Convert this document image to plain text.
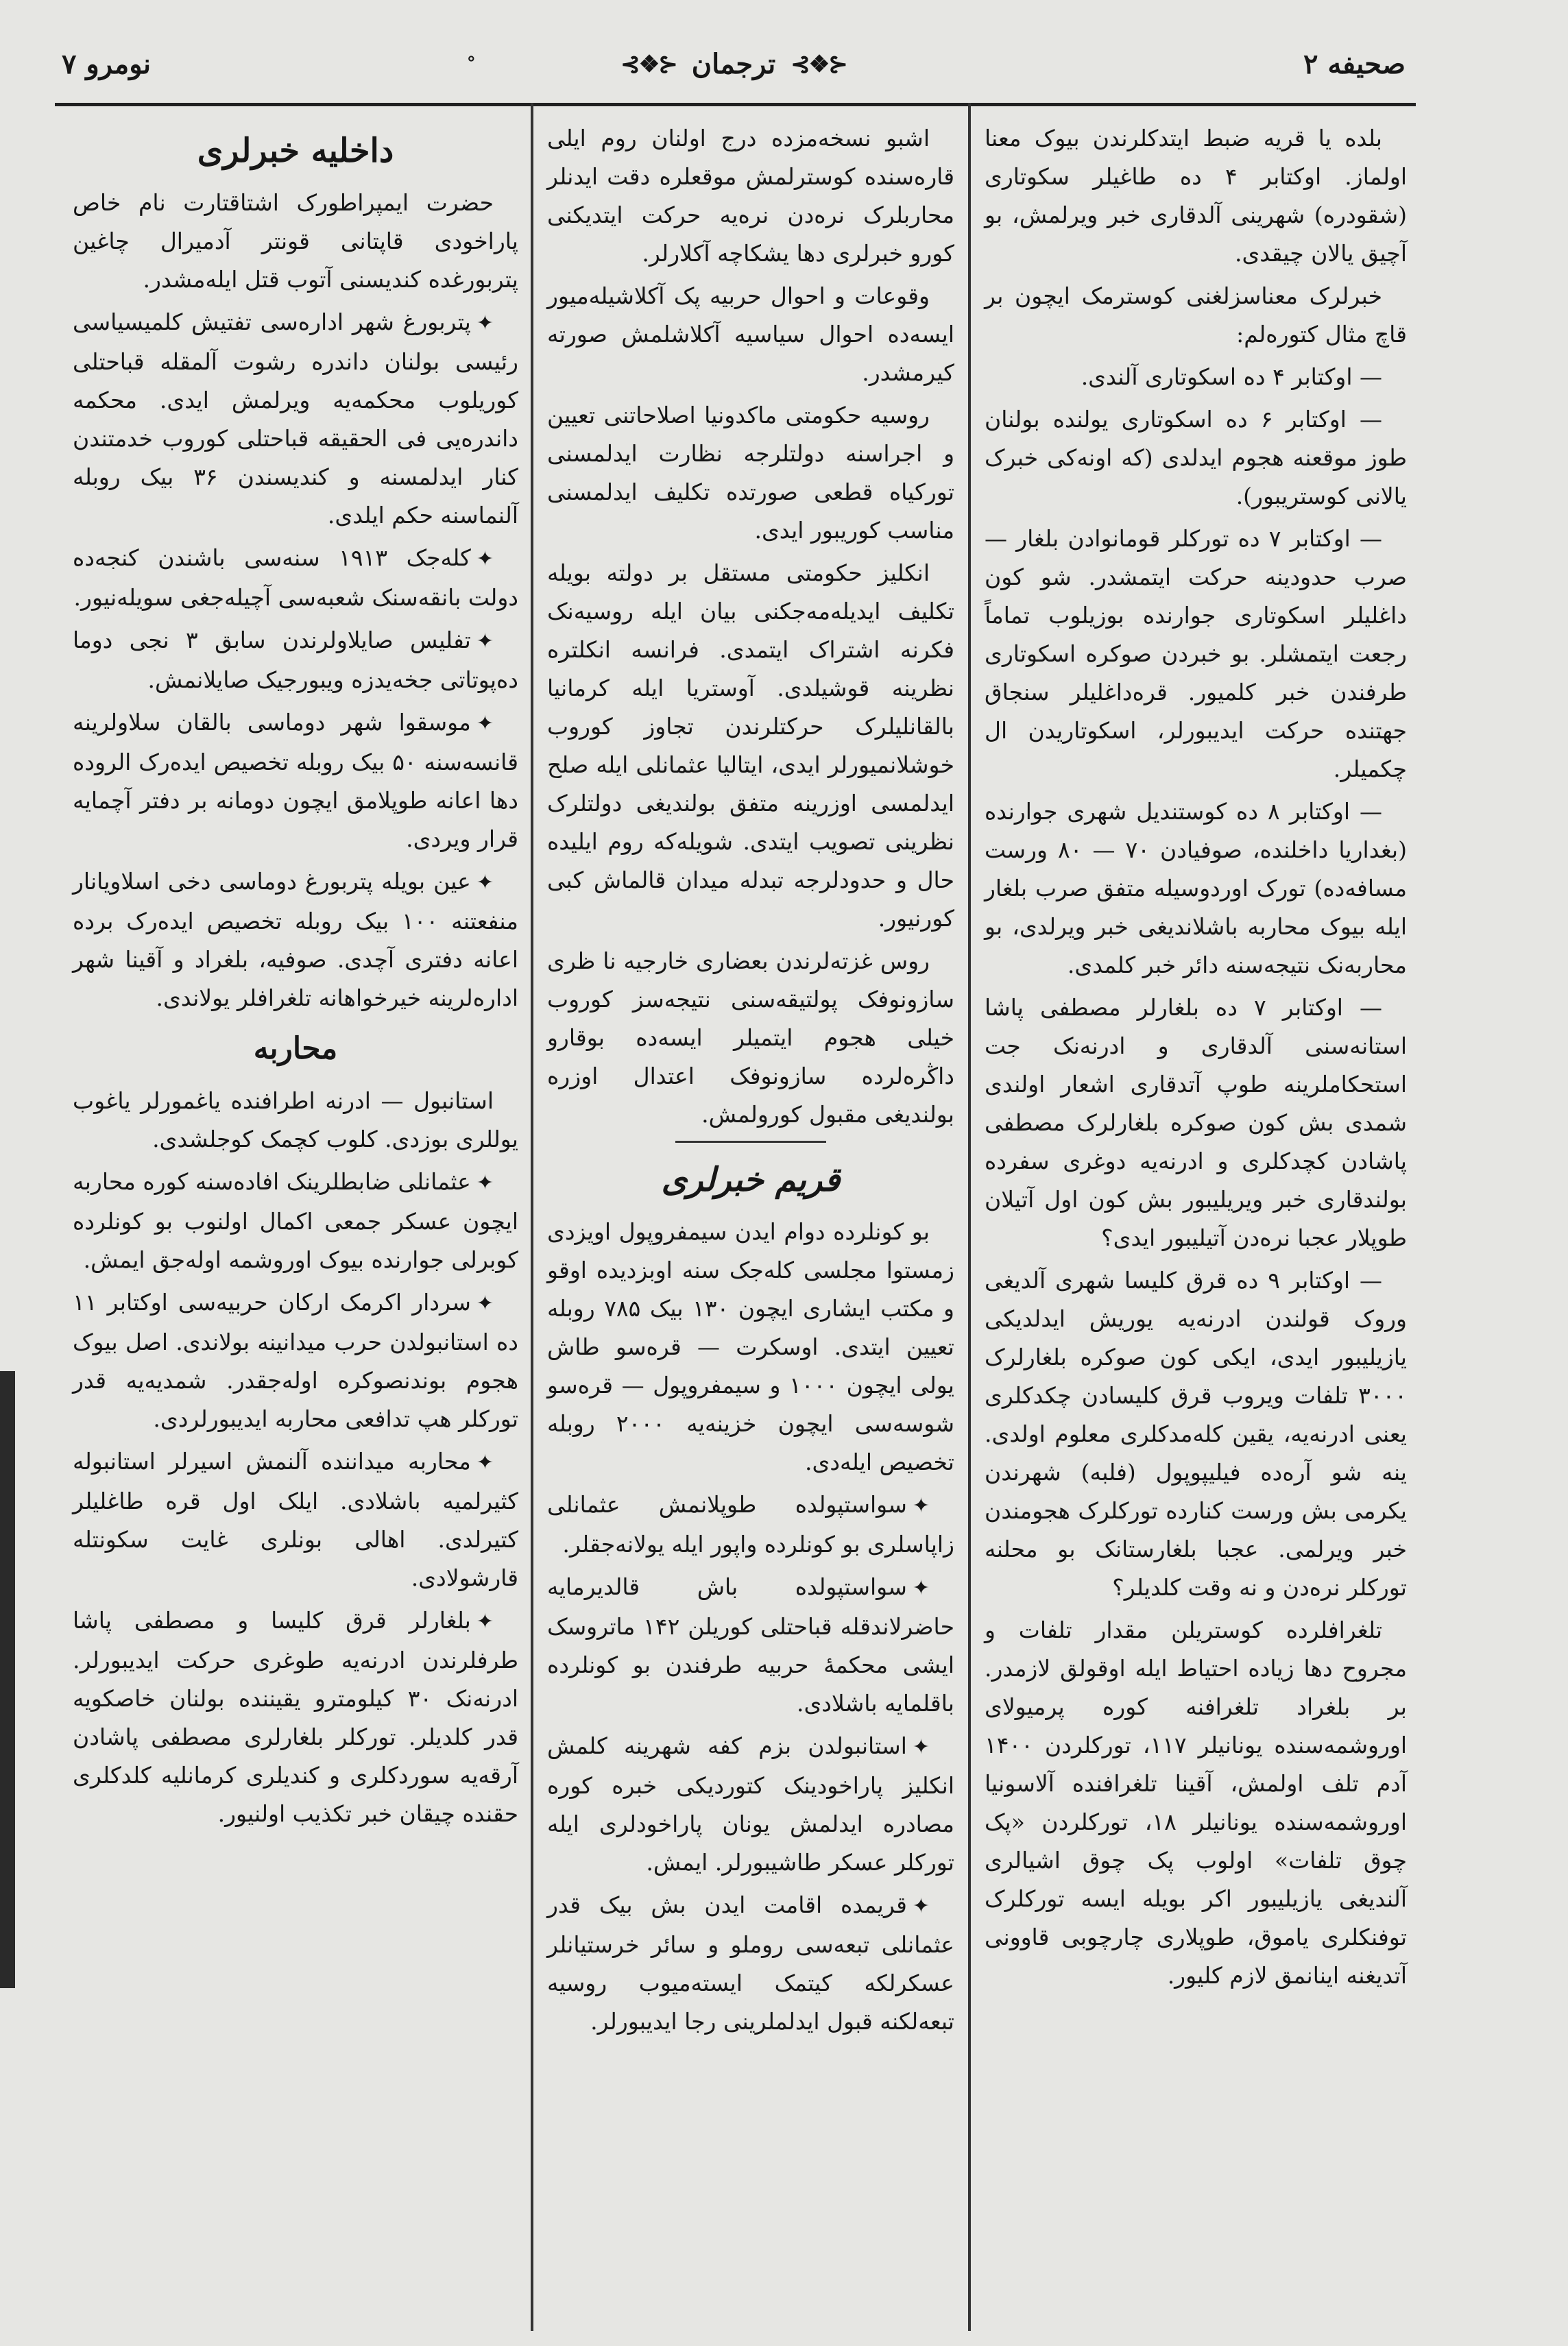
صحیفه ۲
⊰❖⊱ ترجمان ⊰❖⊱
∘
نومرو ۷

بلده یا قریه ضبط ایتدکلرندن بیوک معنا اولماز. اوکتابر ۴ ده طاغیلر سکوتاری (شقودره) شهرینی آلدقاری خبر ویرلمش، بو آچیق یالان چیقدی.

خبرلرک معناسزلغنی کوسترمک ایچون بر قاچ مثال کتورەلم:

— اوکتابر ۴ ده اسکوتاری آلندی.

— اوکتابر ۶ ده اسکوتاری یولنده بولنان طوز موقعنه هجوم ایدلدی (که اونەکی خبرک یالانی کوستریبور).

— اوکتابر ۷ ده تورکلر قومانوادن بلغار — صرب حدودینه حرکت ایتمشدر. شو کون داغلیلر اسکوتاری جوارنده بوزیلوب تماماً رجعت ایتمشلر. بو خبردن صوکره اسکوتاری طرفندن خبر کلمیور. قرەداغلیلر سنجاق جهتنده حرکت ایدیبورلر، اسکوتاریدن ال چکمیلر.

— اوکتابر ۸ ده کوستندیل شهری جوارنده (بغداریا داخلنده، صوفیادن ۷۰ — ۸۰ ورست مسافەده) تورک اوردوسیله متفق صرب بلغار ایله بیوک محاربه باشلاندیغی خبر ویرلدی، بو محاربەنک نتیجەسنه دائر خبر کلمدی.

— اوکتابر ۷ ده بلغارلر مصطفی پاشا استانەسنی آلدقاری و ادرنەنک جت استحکاملرینه طوپ آتدقاری اشعار اولندی شمدی بش کون صوکره بلغارلرک مصطفی پاشادن کچدکلری و ادرنەیه دوغری سفرده بولندقاری خبر ویریلیبور بش کون اول آتیلان طوپلار عجبا نرەدن آتیلیبور ایدی؟

— اوکتابر ۹ ده قرق کلیسا شهری آلدیغی وروک قولندن ادرنەیه یوریش ایدلدیکی یازیلیبور ایدی، ایکی کون صوکره بلغارلرک ۳۰۰۰ تلفات ویروب قرق کلیسادن چکدکلری یعنی ادرنەیه، یقین کلەمدکلری معلوم اولدی. ینه شو آرەده فیلیپوپول (فلبه) شهرندن یکرمی بش ورست کنارده تورکلرک هجومندن خبر ویرلمی. عجبا بلغارستانک بو محلنه تورکلر نرەدن و نه وقت کلدیلر؟

تلغرافلرده کوستریلن مقدار تلفات و مجروح دها زیاده احتیاط ایله اوقولق لازمدر. بر بلغراد تلغرافنه کوره پرمیولای اوروشمەسنده یونانیلر ۱۱۷، تورکلردن ۱۴۰۰ آدم تلف اولمش، آقینا تلغرافنده آلاسونیا اوروشمەسنده یونانیلر ۱۸، تورکلردن «پک چوق تلفات» اولوب پک چوق اشیالری آلندیغی یازیلیبور اکر بویله ایسه تورکلرک توفنکلری یاموق، طوپلاری چارچوبی قاوونی آتدیغنه اینانمق لازم کلیور.

اشبو نسخەمزده درج اولنان روم ایلی قارەسنده کوسترلمش موقعلره دقت ایدنلر محاربلرک نرەدن نرەیه حرکت ایتدیکنی کورو خبرلری دها یشکاچه آکلارلر.

وقوعات و احوال حربیه پک آکلاشیلەمیور ایسەده احوال سیاسیه آکلاشلمش صورته کیرمشدر.

روسیه حکومتی ماکدونیا اصلاحاتنی تعیین و اجراسنه دولتلرجه نظارت ایدلمسنی تورکیاه قطعی صورتده تکلیف ایدلمسنی مناسب کوریبور ایدی.

انکلیز حکومتی مستقل بر دولته بویله تکلیف ایدیلەمەجکنی بیان ایله روسیەنک فکرنه اشتراک ایتمدی. فرانسه انکلترە نظرینه قوشیلدی. آوستریا ایله کرمانیا بالقانلیلرک حرکتلرندن تجاوز کوروب خوشلانمیورلر ایدی، ایتالیا عثمانلی ایله صلح ایدلمسی اوزرینه متفق بولندیغی دولتلرک نظرینی تصویب ایتدی. شویلەکه روم ایلیده حال و حدودلرجه تبدله میدان قالماش کبی کورنیور.

روس غزتەلرندن بعضاری خارجیه نا ظری سازونوفک پولتیقەسنی نتیجەسز کوروب خیلی هجوم ایتمیلر ایسەده بوقارو داڭرەلرده سازونوفک اعتدال اوزره بولندیغی مقبول کورولمش.

قریم خبرلری

بو کونلرده دوام ایدن سیمفروپول اویزدی زمستوا مجلسی کلەجک سنه اوبزدیده اوقو و مکتب ایشاری ایچون ۱۳۰ بیک ۷۸۵ روبله تعیین ایتدی. اوسکرت — قرەسو طاش یولی ایچون ۱۰۰۰ و سیمفروپول — قرەسو شوسەسی ایچون خزینەیه ۲۰۰۰ روبله تخصیص ایلەدی.

✦سواستپولده طوپلانمش عثمانلی زاپاسلری بو کونلرده واپور ایله یولانەجقلر.

✦سواستپولده باش قالدیرمایه حاضرلاندقلە قباحتلی کوریلن ۱۴۲ ماتروسک ایشی محکمۀ حربیه طرفندن بو کونلرده باقلمایه باشلادی.

✦استانبولدن بزم کفه شهرینه کلمش انکلیز پاراخودینک کتوردیکی خبره کوره مصادره ایدلمش یونان پاراخودلری ایله تورکلر عسکر طاشیبورلر. ایمش.

✦قریمده اقامت ایدن بش بیک قدر عثمانلی تبعەسی روملو و سائر خرستیانلر عسکرلکه کیتمک ایستەمیوب روسیه تبعەلکنه قبول ایدلملرینی رجا ایدیبورلر.

داخلیه خبرلری

حضرت ایمپراطورک اشتاقتارت نام خاص پاراخودی قاپتانی قونتر آدمیرال چاغین پتربورغده کندیسنی آتوب قتل ایلەمشدر.

✦پتربورغ شهر ادارەسی تفتیش کلمیسیاسی رئیسی بولنان داندره رشوت آلمقله قباحتلی کوریلوب محکمەیه ویرلمش ایدی. محکمه داندرەیی فی الحقیقه قباحتلی کوروب خدمتندن کنار ایدلمسنه و کندیسندن ۳۶ بیک روبله آلنماسنه حکم ایلدی.

✦کلەجک ۱۹۱۳ سنەسی باشندن کنجەده دولت بانقەسنک شعبەسی آچیلەجغی سویلەنیور.

✦تفلیس صایلاولرندن سابق ۳ نجی دوما دەپوتاتی جخەیدزه ویبورجیک صایلانمش.

✦موسقوا شهر دوماسی بالقان سلاولرینه قانسەسنه ۵۰ بیک روبله تخصیص ایدەرک الروده دها اعانه طوپلامق ایچون دومانه بر دفتر آچمایه قرار ویردی.

✦عین بویله پتربورغ دوماسی دخی اسلاویانار منفعتنه ۱۰۰ بیک روبله تخصیص ایدەرک برده اعانه دفتری آچدی. صوفیه، بلغراد و آقینا شهر ادارەلرینه خیرخواهانه تلغرافلر یولاندی.

محاربه

استانبول — ادرنه اطرافنده یاغمورلر یاغوب یوللری بوزدی. کلوب کچمک کوجلشدی.

✦عثمانلی ضابطلرینک افادەسنه کوره محاربه ایچون عسکر جمعی اکمال اولنوب بو کونلرده کوبرلی جوارنده بیوک اوروشمه اولەجق ایمش.

✦سردار اکرمک ارکان حربیەسی اوکتابر ۱۱ ده استانبولدن حرب میدانینه بولاندی. اصل بیوک هجوم بوندنصوکره اولەجقدر. شمدیەیه قدر تورکلر هپ تدافعی محاربه ایدیبورلردی.

✦محاربه میداننده آلنمش اسیرلر استانبوله کثیرلمیه باشلادی. ایلک اول قره طاغلیلر کتیرلدی. اهالی بونلری غایت سکونتله قارشولادی.

✦بلغارلر قرق کلیسا و مصطفی پاشا طرفلرندن ادرنەیه طوغری حرکت ایدیبورلر. ادرنەنک ۳۰ کیلومترو یقیننده بولنان خاصکویه قدر کلدیلر. تورکلر بلغارلری مصطفی پاشادن آرقەیه سوردکلری و کندیلری کرمانلیه کلدکلری حقنده چیقان خبر تکذیب اولنیور.
